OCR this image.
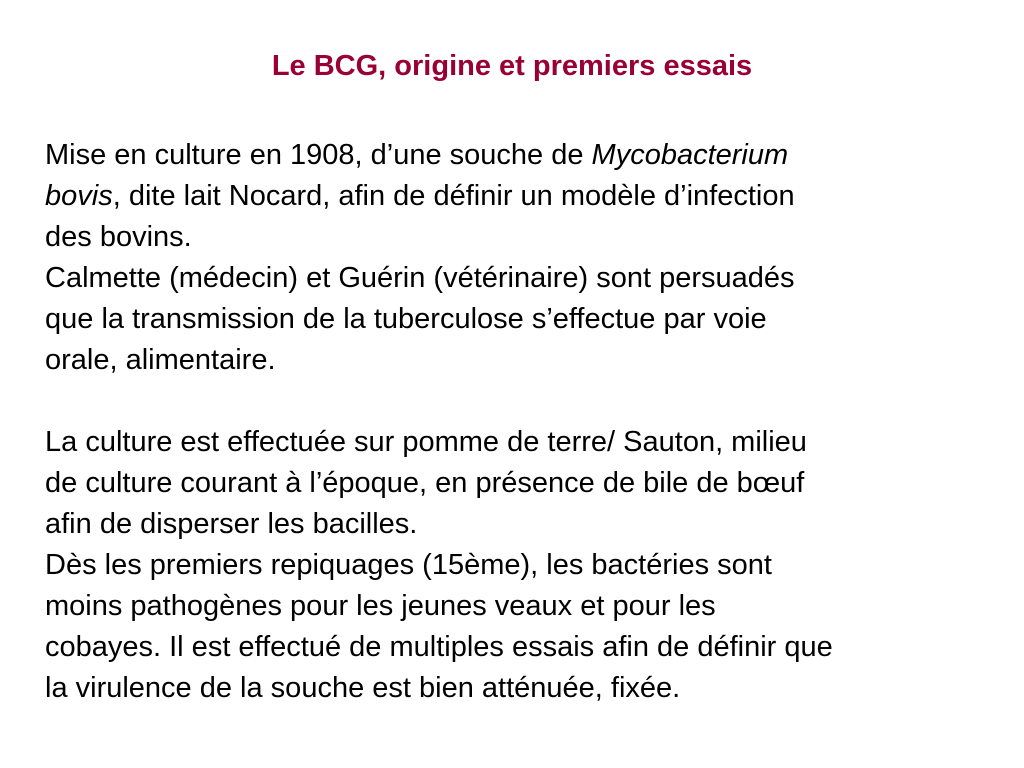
Le BCG, origine et premiers essais
Mise en culture en 1908, d’une souche de Mycobacterium
bovis, dite lait Nocard, afin de définir un modèle d’infection
des bovins.
Calmette (médecin) et Guérin (vétérinaire) sont persuadés
que la transmission de la tuberculose s’effectue par voie
orale, alimentaire.
La culture est effectuée sur pomme de terre/ Sauton, milieu
de culture courant à l’époque, en présence de bile de bœuf
afin de disperser les bacilles.
Dès les premiers repiquages (15ème), les bactéries sont
moins pathogènes pour les jeunes veaux et pour les
cobayes. Il est effectué de multiples essais afin de définir que
la virulence de la souche est bien atténuée, fixée.
